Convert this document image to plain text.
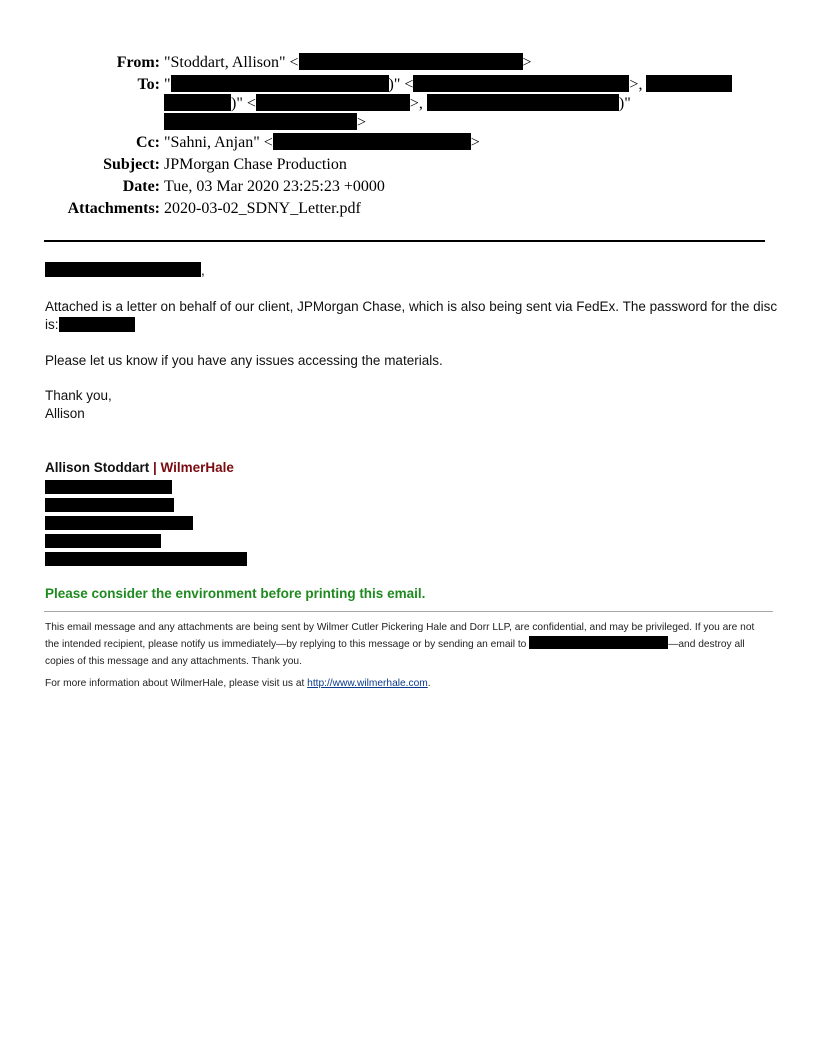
From: "Stoddart, Allison" <	>
To: "	)" <	>,
)" <	>,	)"
>
Cc: "Sahni, Anjan" <	>
Subject: JPMorgan Chase Production
Date: Tue, 03 Mar 2020 23:25:23 +0000
Attachments: 2020-03-02_SDNY_Letter.pdf
,
Attached is a letter on behalf of our client, JPMorgan Chase, which is also being sent via FedEx. The password for the disc
is:
Please let us know if you have any issues accessing the materials.
Thank you,
Allison
Allison Stoddart | WilmerHale
Please consider the environment before printing this email.
This email message and any attachments are being sent by Wilmer Cutler Pickering Hale and Dorr LLP, are confidential, and may be privileged. If you are not
the intended recipient, please notify us immediately—by replying to this message or by sending an email to	—and destroy all
copies of this message and any attachments. Thank you.
For more information about WilmerHale, please visit us at http://www.wilmerhale.com.
